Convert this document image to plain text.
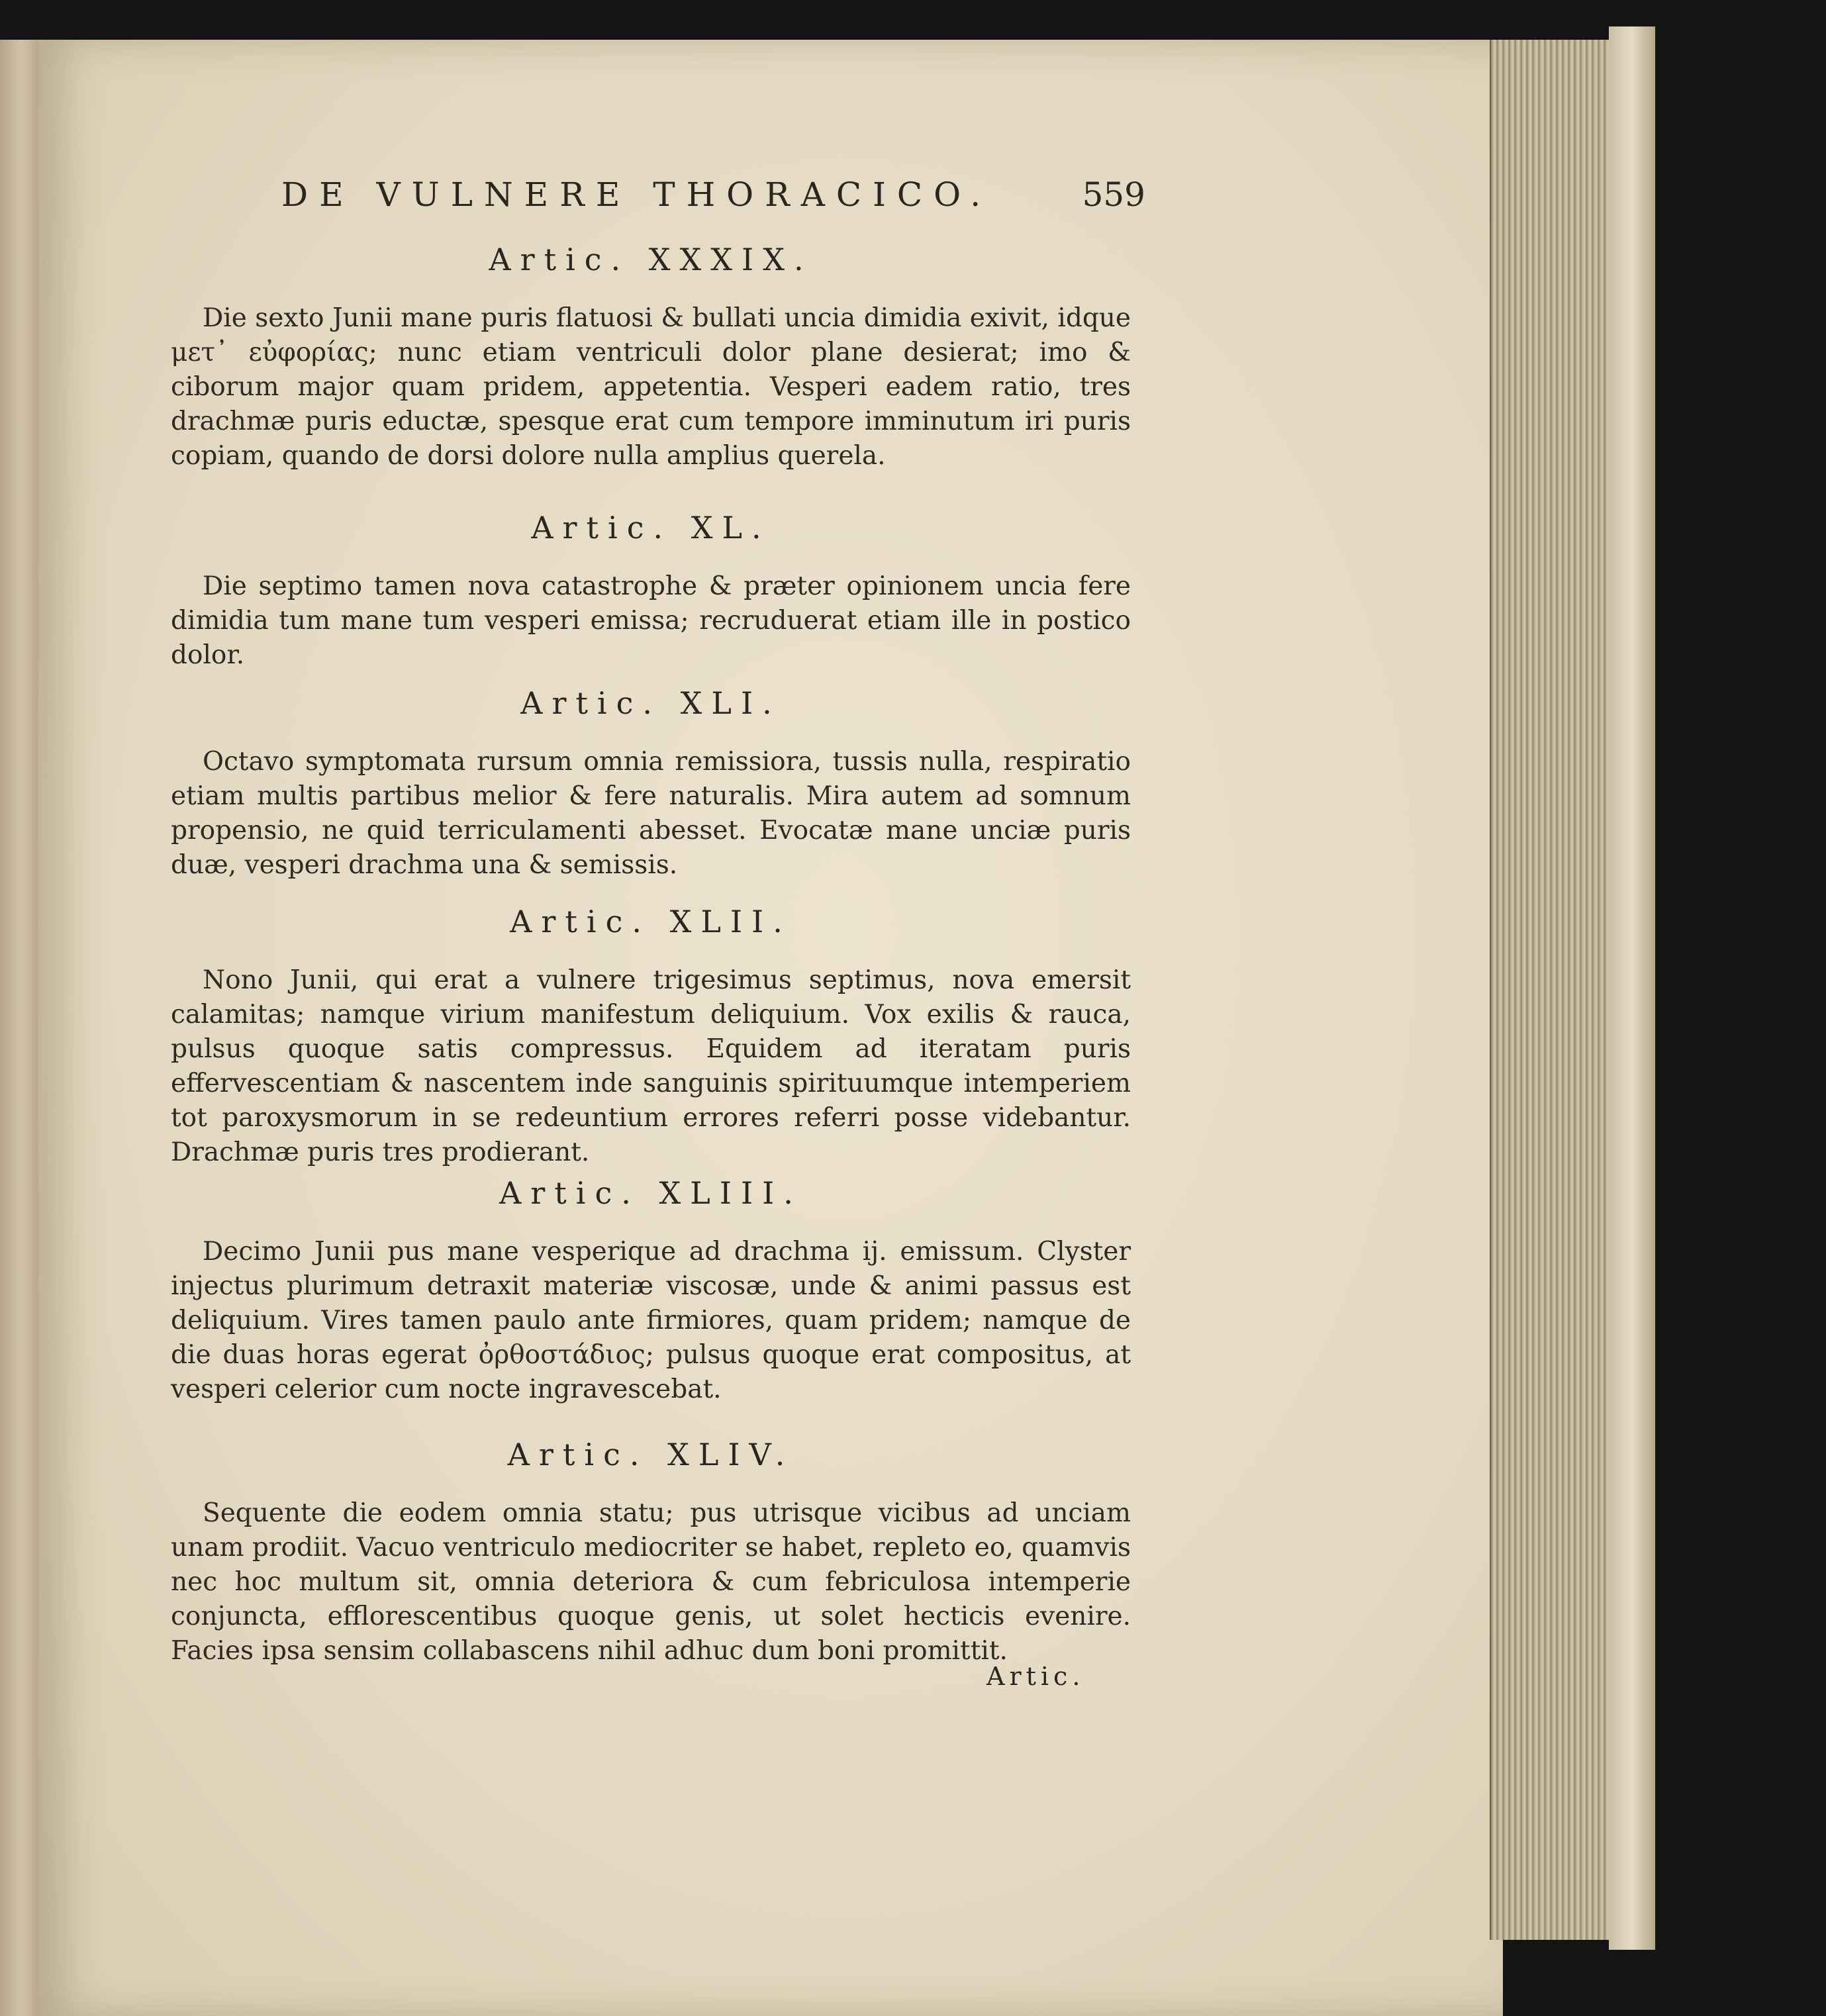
DE VULNERE THORACICO.	559
Artic. XXXIX.
Die sexto Junii mane puris flatuosi & bullati uncia dimidia exivit, idque μετ᾽ εὐφορίας; nunc etiam ventriculi dolor plane desierat; imo & ciborum major quam pridem, appetentia. Vesperi eadem ratio, tres drachmæ puris eductæ, spesque erat cum tempore imminutum iri puris copiam, quando de dorsi dolore nulla amplius querela.
Artic. XL.
Die septimo tamen nova catastrophe & præter opinionem uncia fere dimidia tum mane tum vesperi emissa; recruduerat etiam ille in postico dolor.
Artic. XLI.
Octavo symptomata rursum omnia remissiora, tussis nulla, respiratio etiam multis partibus melior & fere naturalis. Mira autem ad somnum propensio, ne quid terriculamenti abesset. Evocatæ mane unciæ puris duæ, vesperi drachma una & semissis.
Artic. XLII.
Nono Junii, qui erat a vulnere trigesimus septimus, nova emersit calamitas; namque virium manifestum deliquium. Vox exilis & rauca, pulsus quoque satis compressus. Equidem ad iteratam puris effervescentiam & nascentem inde sanguinis spirituumque intemperiem tot paroxysmorum in se redeuntium errores referri posse videbantur. Drachmæ puris tres prodierant.
Artic. XLIII.
Decimo Junii pus mane vesperique ad drachma ij. emissum. Clyster injectus plurimum detraxit materiæ viscosæ, unde & animi passus est deliquium. Vires tamen paulo ante firmiores, quam pridem; namque de die duas horas egerat ὀρθοστάδιος; pulsus quoque erat compositus, at vesperi celerior cum nocte ingravescebat.
Artic. XLIV.
Sequente die eodem omnia statu; pus utrisque vicibus ad unciam unam prodiit. Vacuo ventriculo mediocriter se habet, repleto eo, quamvis nec hoc multum sit, omnia deteriora & cum febriculosa intemperie conjuncta, efflorescentibus quoque genis, ut solet hecticis evenire. Facies ipsa sensim collabascens nihil adhuc dum boni promittit.
Artic.
